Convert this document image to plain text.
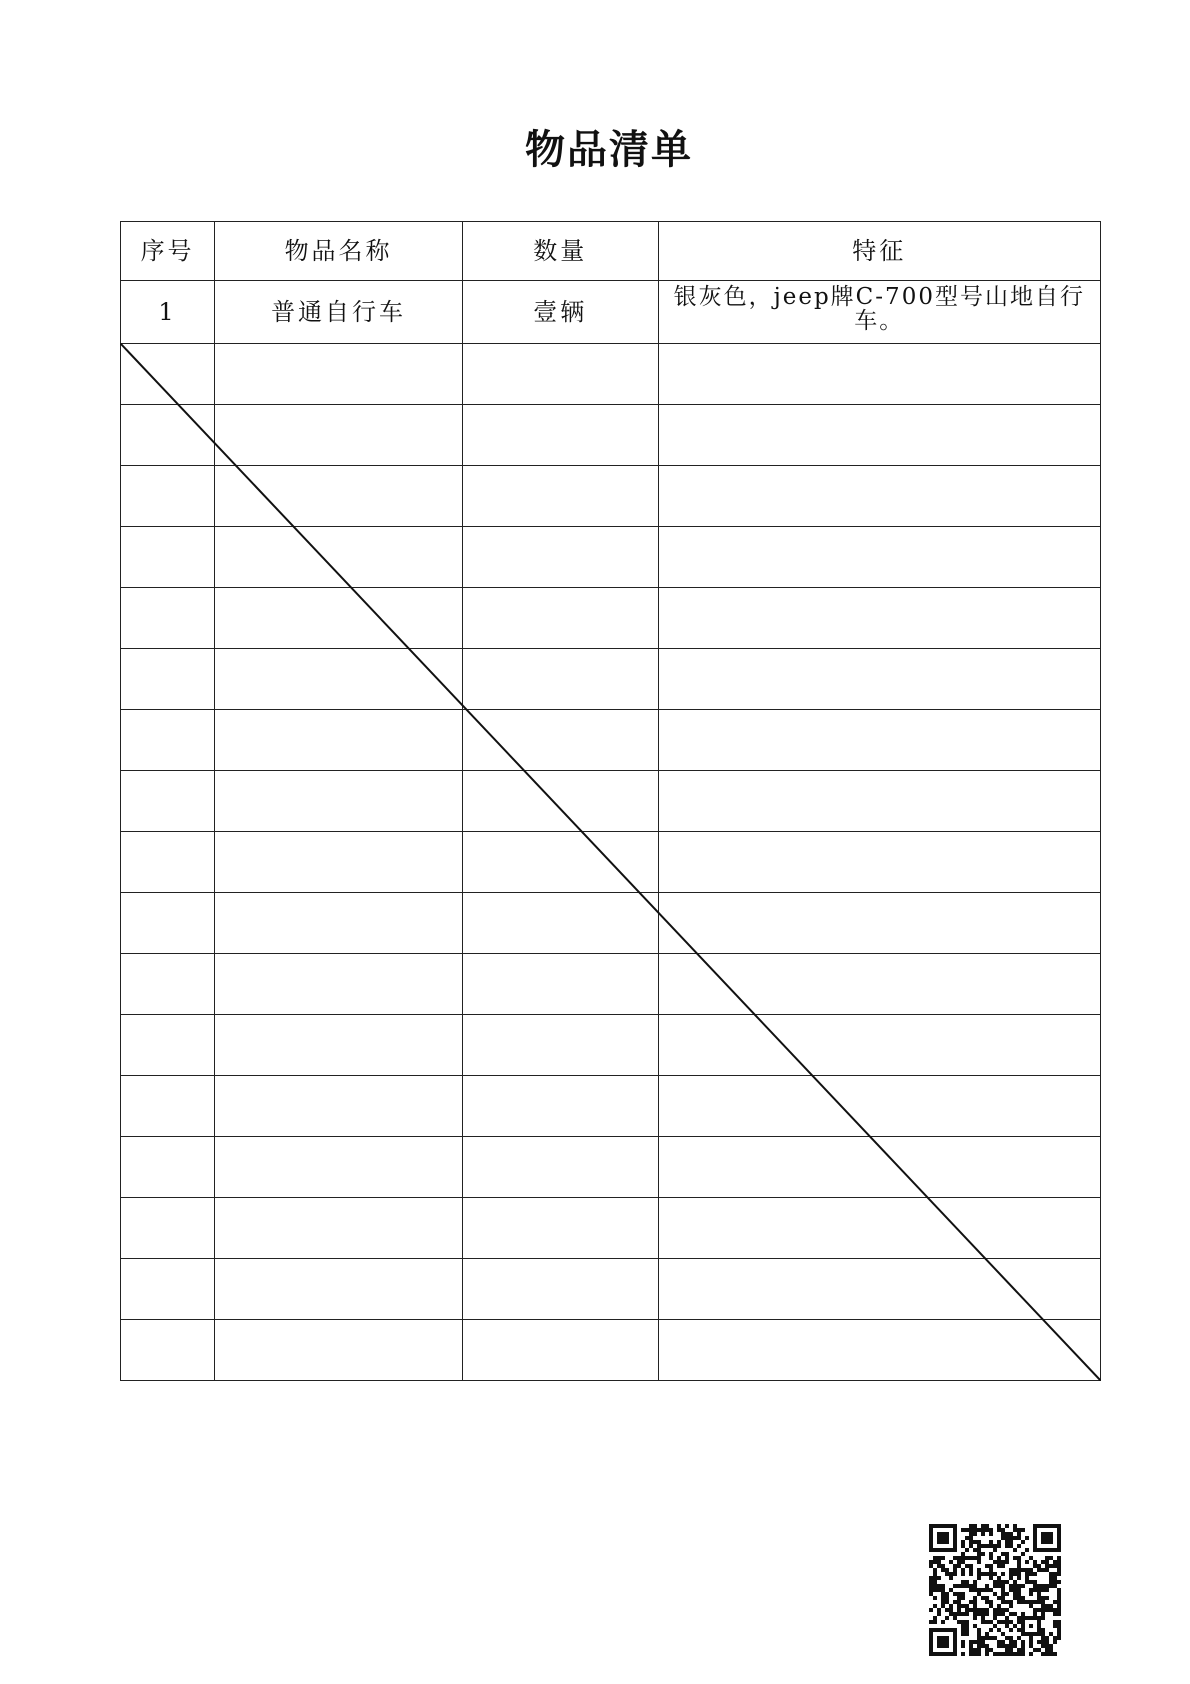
物品清单
序号	物品名称	数量	特征
1	普通自行车	壹辆	银灰色，jeep牌C-700型号山地自行车。
